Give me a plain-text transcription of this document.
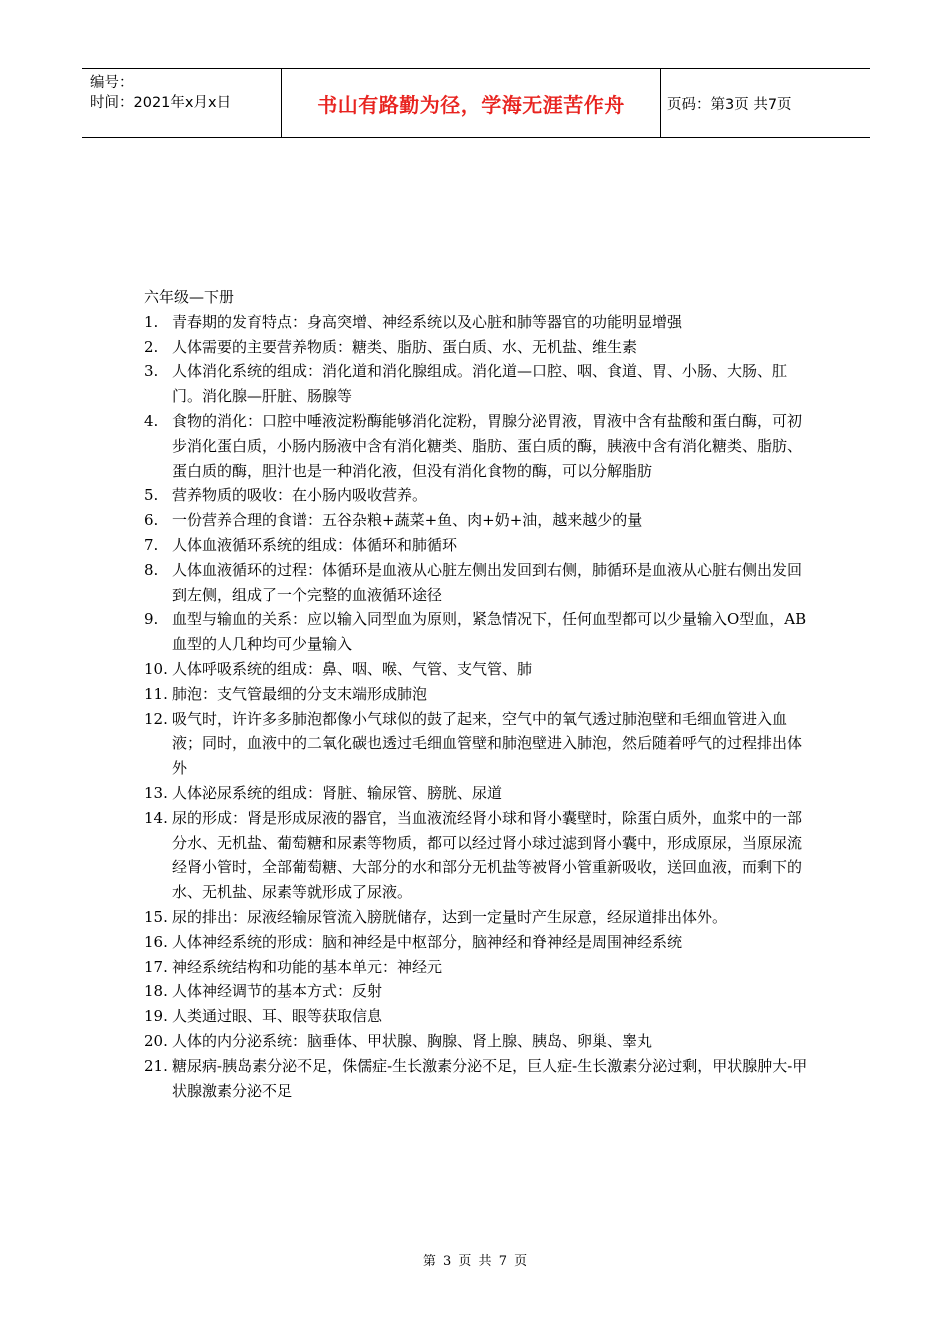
编号：
时间：2021年x月x日	书山有路勤为径，学海无涯苦作舟	页码：第3页 共7页

六年级—下册

1. 青春期的发育特点：身高突增、神经系统以及心脏和肺等器官的功能明显增强
2. 人体需要的主要营养物质：糖类、脂肪、蛋白质、水、无机盐、维生素
3. 人体消化系统的组成：消化道和消化腺组成。消化道—口腔、咽、食道、胃、小肠、大肠、肛门。消化腺—肝脏、肠腺等
4. 食物的消化：口腔中唾液淀粉酶能够消化淀粉，胃腺分泌胃液，胃液中含有盐酸和蛋白酶，可初步消化蛋白质，小肠内肠液中含有消化糖类、脂肪、蛋白质的酶，胰液中含有消化糖类、脂肪、蛋白质的酶，胆汁也是一种消化液，但没有消化食物的酶，可以分解脂肪
5. 营养物质的吸收：在小肠内吸收营养。
6. 一份营养合理的食谱：五谷杂粮+蔬菜+鱼、肉+奶+油，越来越少的量
7. 人体血液循环系统的组成：体循环和肺循环
8. 人体血液循环的过程：体循环是血液从心脏左侧出发回到右侧，肺循环是血液从心脏右侧出发回到左侧，组成了一个完整的血液循环途径
9. 血型与输血的关系：应以输入同型血为原则，紧急情况下，任何血型都可以少量输入O型血，AB血型的人几种均可少量输入
10. 人体呼吸系统的组成：鼻、咽、喉、气管、支气管、肺
11. 肺泡：支气管最细的分支末端形成肺泡
12. 吸气时，许许多多肺泡都像小气球似的鼓了起来，空气中的氧气透过肺泡壁和毛细血管进入血液；同时，血液中的二氧化碳也透过毛细血管壁和肺泡壁进入肺泡，然后随着呼气的过程排出体外
13. 人体泌尿系统的组成：肾脏、输尿管、膀胱、尿道
14. 尿的形成：肾是形成尿液的器官，当血液流经肾小球和肾小囊壁时，除蛋白质外，血浆中的一部分水、无机盐、葡萄糖和尿素等物质，都可以经过肾小球过滤到肾小囊中，形成原尿，当原尿流经肾小管时，全部葡萄糖、大部分的水和部分无机盐等被肾小管重新吸收，送回血液，而剩下的水、无机盐、尿素等就形成了尿液。
15. 尿的排出：尿液经输尿管流入膀胱储存，达到一定量时产生尿意，经尿道排出体外。
16. 人体神经系统的形成：脑和神经是中枢部分，脑神经和脊神经是周围神经系统
17. 神经系统结构和功能的基本单元：神经元
18. 人体神经调节的基本方式：反射
19. 人类通过眼、耳、眼等获取信息
20. 人体的内分泌系统：脑垂体、甲状腺、胸腺、肾上腺、胰岛、卵巢、睾丸
21. 糖尿病-胰岛素分泌不足，侏儒症-生长激素分泌不足，巨人症-生长激素分泌过剩，甲状腺肿大-甲状腺激素分泌不足
第 3 页 共 7 页
